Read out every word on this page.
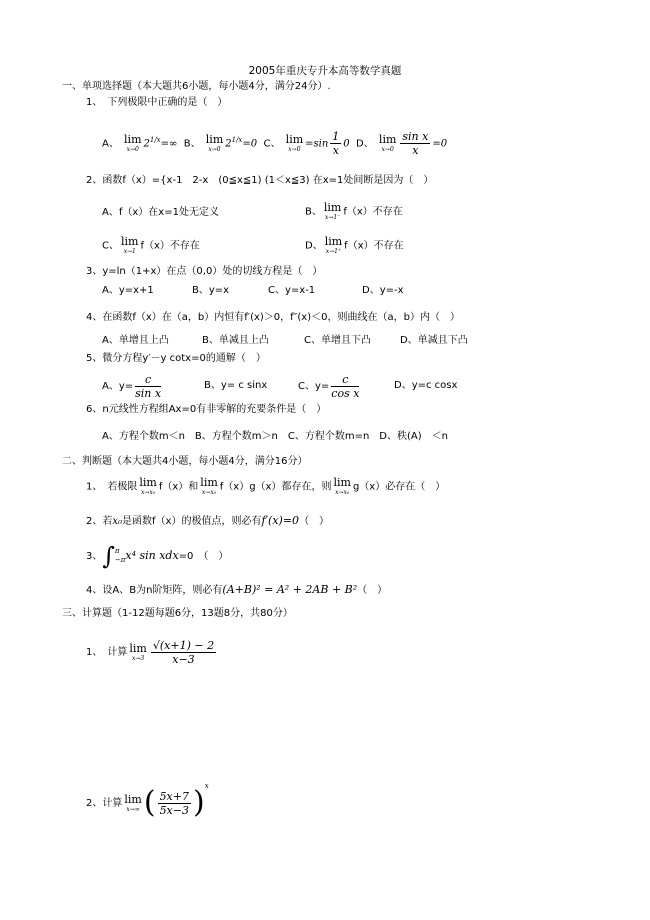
2005年重庆专升本高等数学真题
一、单项选择题（本大题共6小题，每小题4分，满分24分）.
1、　下列极限中正确的是（　）
A、 lim
x→0 $2^{1/x}=\infty$ B、 lim
x→0 $2^{1/x}=0$ C、 lim
$x\to 0 =\sin \frac{1}{x} 0$ D、 lim
$x\to 0 \frac{\text{sin x}}{x} =0$
2、函数f（x）={x-1　2-x　(0≦x≦1) (1＜x≦3) 在x=1处间断是因为（　）
A、f（x）在x=1处无定义	B、 lim
x→1⁻ f（x）不存在
C、 lim
x→1 f（x）不存在	D、 lim
x→1⁺ f（x）不存在
3、y=ln（1+x）在点（0,0）处的切线方程是（　）
A、y=x+1	B、y=x	C、y=x-1	D、y=-x
4、在函数f（x）在（a，b）内恒有f′(x)＞0，f″(x)＜0，则曲线在（a，b）内（　）
A、单增且上凸	B、单减且上凸	C、单增且下凸	D、单减且下凸
5、微分方程y′－y cotx=0的通解（　）
A、$y= \frac{c}{\text{sin x}}$	B、y= c sinx	C、$y= \frac{c}{\text{cos x}}$	D、y=c cosx
6、n元线性方程组Ax=0有非零解的充要条件是（　）
A、方程个数m＜n　B、方程个数m＞n　C、方程个数m=n　D、秩(A)　＜n
二、判断题（本大题共4小题，每小题4分，满分16分）
1、　若极限 lim
x→x₀ f（x）和 lim
x→x₀ f（x）g（x）都存在，则 lim
x→x₀ g（x）必存在（　）
2、若x₀是函数f（x）的极值点，则必有f′(x)=0（　）
3、∫ π
−π x⁴ sin xdx=0　（　）
4、设A、B为n阶矩阵，则必有(A+B)² = A² + 2AB + B²（　）
三、计算题（1-12题每题6分，13题8分，共80分）
1、　计算 lim
$x\to 3 \frac{√(x+1) - 2}{x-3}$
2、计算 lim
x→∞ ( $\frac{5x+7}{5x-3} )^x$
